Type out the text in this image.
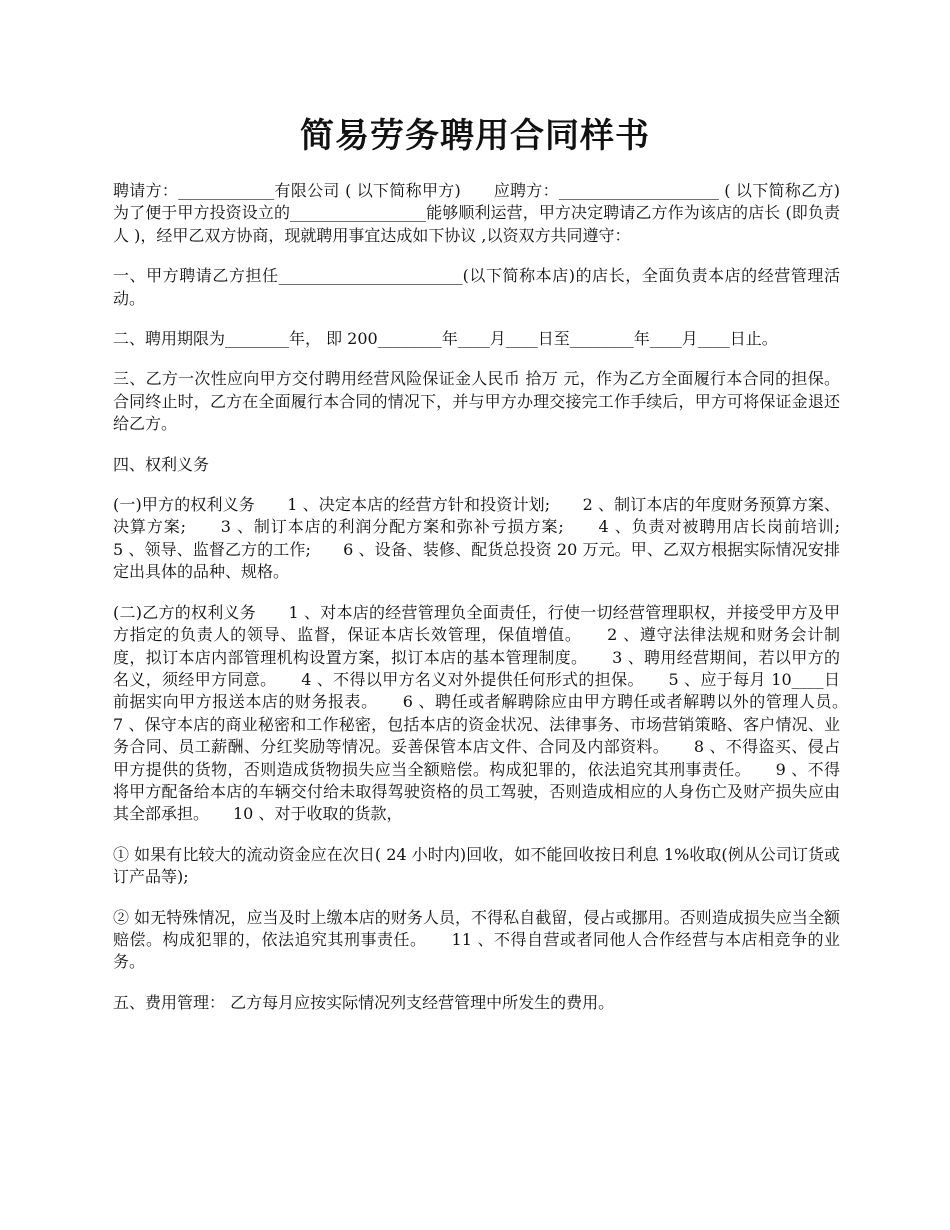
简易劳务聘用合同样书

聘请方：____________有限公司 ( 以下简称甲方)　　应聘方：____________________ ( 以下简称乙方)　　为了便于甲方投资设立的_________________能够顺利运营，甲方决定聘请乙方作为该店的店长 (即负责人 )，经甲乙双方协商，现就聘用事宜达成如下协议 ,以资双方共同遵守：

一、甲方聘请乙方担任_______________________(以下简称本店)的店长，全面负责本店的经营管理活动。

二、聘用期限为________年， 即 200________年____月____日至________年____月____日止。

三、乙方一次性应向甲方交付聘用经营风险保证金人民币 拾万 元，作为乙方全面履行本合同的担保。合同终止时，乙方在全面履行本合同的情况下，并与甲方办理交接完工作手续后，甲方可将保证金退还给乙方。

四、权利义务

(一)甲方的权利义务　　1 、决定本店的经营方针和投资计划;　　2 、制订本店的年度财务预算方案、决算方案;　　3 、制订本店的利润分配方案和弥补亏损方案;　　4 、负责对被聘用店长岗前培训;　　5 、领导、监督乙方的工作;　　6 、设备、装修、配货总投资 20 万元。甲、乙双方根据实际情况安排定出具体的品种、规格。

(二)乙方的权利义务　　1 、对本店的经营管理负全面责任，行使一切经营管理职权，并接受甲方及甲方指定的负责人的领导、监督，保证本店长效管理，保值增值。　　2 、遵守法律法规和财务会计制度，拟订本店内部管理机构设置方案，拟订本店的基本管理制度。　　3 、聘用经营期间，若以甲方的名义，须经甲方同意。　　4 、不得以甲方名义对外提供任何形式的担保。　　5 、应于每月 10____日前据实向甲方报送本店的财务报表。　　6 、聘任或者解聘除应由甲方聘任或者解聘以外的管理人员。　　7 、保守本店的商业秘密和工作秘密，包括本店的资金状况、法律事务、市场营销策略、客户情况、业务合同、员工薪酬、分红奖励等情况。妥善保管本店文件、合同及内部资料。　　8 、不得盗买、侵占甲方提供的货物，否则造成货物损失应当全额赔偿。构成犯罪的，依法追究其刑事责任。　　9 、不得将甲方配备给本店的车辆交付给未取得驾驶资格的员工驾驶，否则造成相应的人身伤亡及财产损失应由其全部承担。　　10 、对于收取的货款，

① 如果有比较大的流动资金应在次日( 24 小时内)回收，如不能回收按日利息 1%收取(例从公司订货或订产品等);

② 如无特殊情况，应当及时上缴本店的财务人员，不得私自截留，侵占或挪用。否则造成损失应当全额赔偿。构成犯罪的，依法追究其刑事责任。　　11 、不得自营或者同他人合作经营与本店相竞争的业务。

五、费用管理： 乙方每月应按实际情况列支经营管理中所发生的费用。
